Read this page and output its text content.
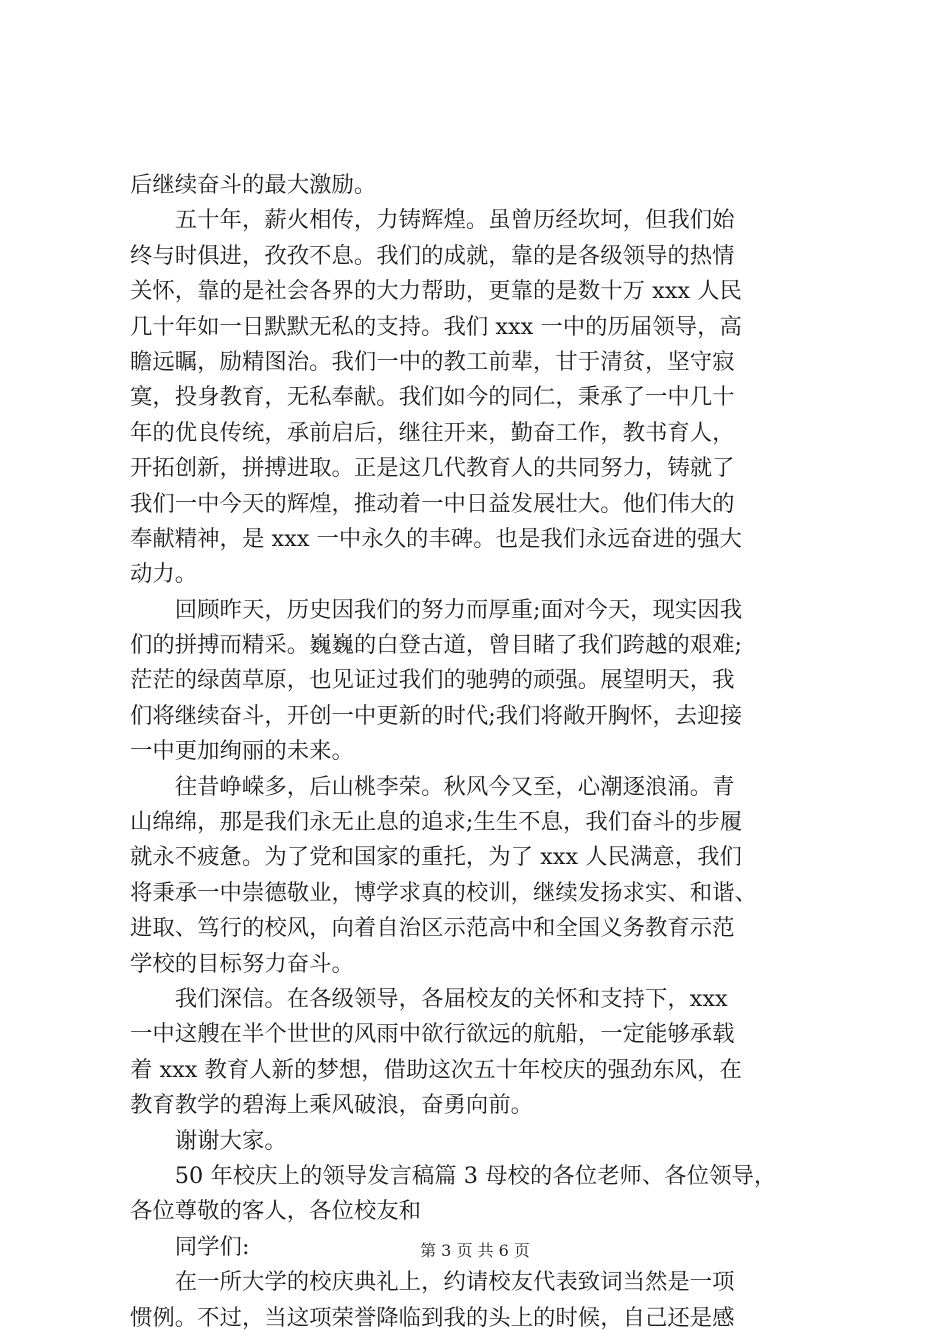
后继续奋斗的最大激励。
　　五十年，薪火相传，力铸辉煌。虽曾历经坎坷，但我们始
终与时俱进，孜孜不息。我们的成就，靠的是各级领导的热情
关怀，靠的是社会各界的大力帮助，更靠的是数十万 xxx 人民
几十年如一日默默无私的支持。我们 xxx 一中的历届领导，高
瞻远瞩，励精图治。我们一中的教工前辈，甘于清贫，坚守寂
寞，投身教育，无私奉献。我们如今的同仁，秉承了一中几十
年的优良传统，承前启后，继往开来，勤奋工作，教书育人，
开拓创新，拼搏进取。正是这几代教育人的共同努力，铸就了
我们一中今天的辉煌，推动着一中日益发展壮大。他们伟大的
奉献精神，是 xxx 一中永久的丰碑。也是我们永远奋进的强大
动力。
　　回顾昨天，历史因我们的努力而厚重;面对今天，现实因我
们的拼搏而精采。巍巍的白登古道，曾目睹了我们跨越的艰难;
茫茫的绿茵草原，也见证过我们的驰骋的顽强。展望明天，我
们将继续奋斗，开创一中更新的时代;我们将敞开胸怀，去迎接
一中更加绚丽的未来。
　　往昔峥嵘多，后山桃李荣。秋风今又至，心潮逐浪涌。青
山绵绵，那是我们永无止息的追求;生生不息，我们奋斗的步履
就永不疲惫。为了党和国家的重托，为了 xxx 人民满意，我们
将秉承一中崇德敬业，博学求真的校训，继续发扬求实、和谐、
进取、笃行的校风，向着自治区示范高中和全国义务教育示范
学校的目标努力奋斗。
　　我们深信。在各级领导，各届校友的关怀和支持下，xxx
一中这艘在半个世世的风雨中欲行欲远的航船，一定能够承载
着 xxx 教育人新的梦想，借助这次五十年校庆的强劲东风，在
教育教学的碧海上乘风破浪，奋勇向前。
　　谢谢大家。
　　50 年校庆上的领导发言稿篇 3 母校的各位老师、各位领导，
各位尊敬的客人，各位校友和
　　同学们:
　　在一所大学的校庆典礼上，约请校友代表致词当然是一项
惯例。不过，当这项荣誉降临到我的头上的时候，自己还是感
第 3 页 共 6 页
